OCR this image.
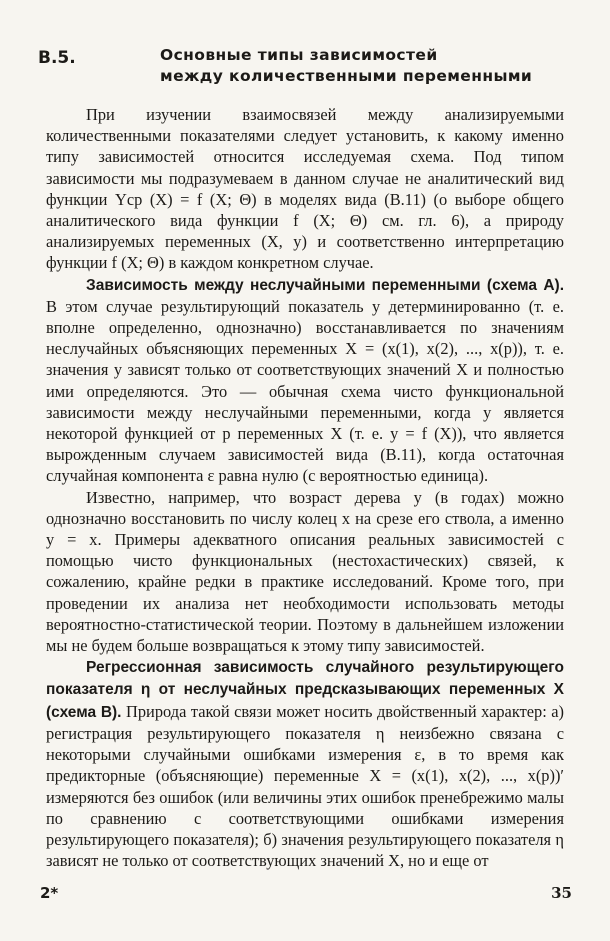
В.5.	Основные типы зависимостей
между количественными переменными

При изучении взаимосвязей между анализируемыми количественными показателями следует установить, к какому именно типу зависимостей относится исследуемая схема. Под типом зависимости мы подразумеваем в данном случае не аналитический вид функции Yср (X) = f (X; Θ) в моделях вида (В.11) (о выборе общего аналитического вида функции f (X; Θ) см. гл. 6), а природу анализируемых переменных (X, y) и соответственно интерпретацию функции f (X; Θ) в каждом конкретном случае.

Зависимость между неслучайными переменными (схема А). В этом случае результирующий показатель y детерминированно (т. е. вполне определенно, однозначно) восстанавливается по значениям неслучайных объясняющих переменных X = (x(1), x(2), ..., x(p)), т. е. значения y зависят только от соответствующих значений X и полностью ими определяются. Это — обычная схема чисто функциональной зависимости между неслучайными переменными, когда y является некоторой функцией от p переменных X (т. е. y = f (X)), что является вырожденным случаем зависимостей вида (В.11), когда остаточная случайная компонента ε равна нулю (с вероятностью единица).

Известно, например, что возраст дерева y (в годах) можно однозначно восстановить по числу колец x на срезе его ствола, а именно y = x. Примеры адекватного описания реальных зависимостей с помощью чисто функциональных (нестохастических) связей, к сожалению, крайне редки в практике исследований. Кроме того, при проведении их анализа нет необходимости использовать методы вероятностно-статистической теории. Поэтому в дальнейшем изложении мы не будем больше возвращаться к этому типу зависимостей.

Регрессионная зависимость случайного результирующего показателя η от неслучайных предсказывающих переменных X (схема В). Природа такой связи может носить двойственный характер: а) регистрация результирующего показателя η неизбежно связана с некоторыми случайными ошибками измерения ε, в то время как предикторные (объясняющие) переменные X = (x(1), x(2), ..., x(p))′ измеряются без ошибок (или величины этих ошибок пренебрежимо малы по сравнению с соответствующими ошибками измерения результирующего показателя); б) значения результирующего показателя η зависят не только от соответствующих значений X, но и еще от

2*	35
